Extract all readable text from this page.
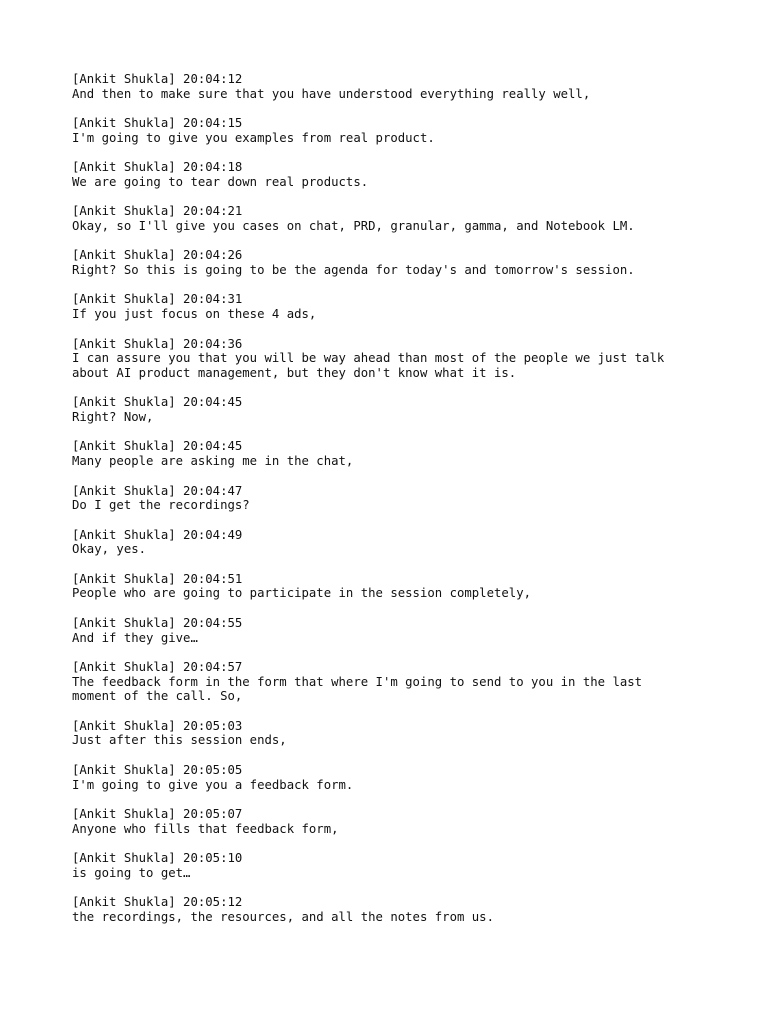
[Ankit Shukla] 20:04:12
And then to make sure that you have understood everything really well,
[Ankit Shukla] 20:04:15
I'm going to give you examples from real product.
[Ankit Shukla] 20:04:18
We are going to tear down real products.
[Ankit Shukla] 20:04:21
Okay, so I'll give you cases on chat, PRD, granular, gamma, and Notebook LM.
[Ankit Shukla] 20:04:26
Right? So this is going to be the agenda for today's and tomorrow's session.
[Ankit Shukla] 20:04:31
If you just focus on these 4 ads,
[Ankit Shukla] 20:04:36
I can assure you that you will be way ahead than most of the people we just talk
about AI product management, but they don't know what it is.
[Ankit Shukla] 20:04:45
Right? Now,
[Ankit Shukla] 20:04:45
Many people are asking me in the chat,
[Ankit Shukla] 20:04:47
Do I get the recordings?
[Ankit Shukla] 20:04:49
Okay, yes.
[Ankit Shukla] 20:04:51
People who are going to participate in the session completely,
[Ankit Shukla] 20:04:55
And if they give…
[Ankit Shukla] 20:04:57
The feedback form in the form that where I'm going to send to you in the last
moment of the call. So,
[Ankit Shukla] 20:05:03
Just after this session ends,
[Ankit Shukla] 20:05:05
I'm going to give you a feedback form.
[Ankit Shukla] 20:05:07
Anyone who fills that feedback form,
[Ankit Shukla] 20:05:10
is going to get…
[Ankit Shukla] 20:05:12
the recordings, the resources, and all the notes from us.
